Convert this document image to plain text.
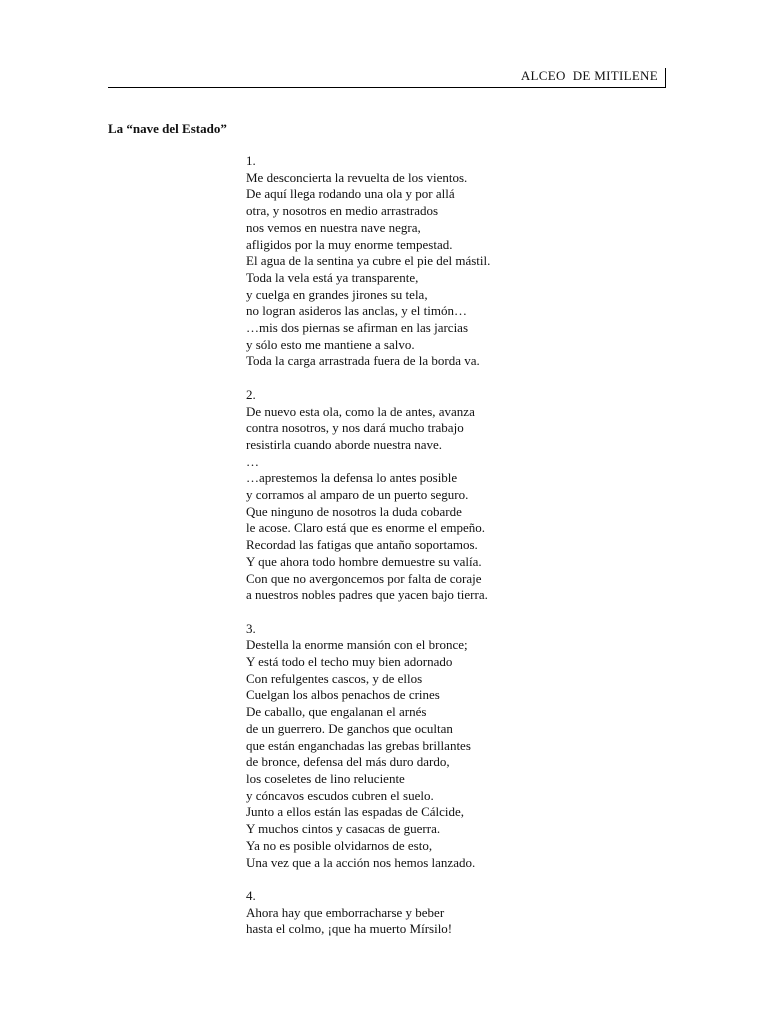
ALCEO  DE MITILENE
La “nave del Estado”
1.
Me desconcierta la revuelta de los vientos.
De aquí llega rodando una ola y por allá
otra, y nosotros en medio arrastrados
nos vemos en nuestra nave negra,
afligidos por la muy enorme tempestad.
El agua de la sentina ya cubre el pie del mástil.
Toda la vela está ya transparente,
y cuelga en grandes jirones su tela,
no logran asideros las anclas, y el timón…
…mis dos piernas se afirman en las jarcias
y sólo esto me mantiene a salvo.
Toda la carga arrastrada fuera de la borda va.
2.
De nuevo esta ola, como la de antes, avanza
contra nosotros, y nos dará mucho trabajo
resistirla cuando aborde nuestra nave.
…
…aprestemos la defensa lo antes posible
y corramos al amparo de un puerto seguro.
Que ninguno de nosotros la duda cobarde
le acose. Claro está que es enorme el empeño.
Recordad las fatigas que antaño soportamos.
Y que ahora todo hombre demuestre su valía.
Con que no avergoncemos por falta de coraje
a nuestros nobles padres que yacen bajo tierra.
3.
Destella la enorme mansión con el bronce;
Y está todo el techo muy bien adornado
Con refulgentes cascos, y de ellos
Cuelgan los albos penachos de crines
De caballo, que engalanan el arnés
de un guerrero. De ganchos que ocultan
que están enganchadas las grebas brillantes
de bronce, defensa del más duro dardo,
los coseletes de lino reluciente
y cóncavos escudos cubren el suelo.
Junto a ellos están las espadas de Cálcide,
Y muchos cintos y casacas de guerra.
Ya no es posible olvidarnos de esto,
Una vez que a la acción nos hemos lanzado.
4.
Ahora hay que emborracharse y beber
hasta el colmo, ¡que ha muerto Mírsilo!
